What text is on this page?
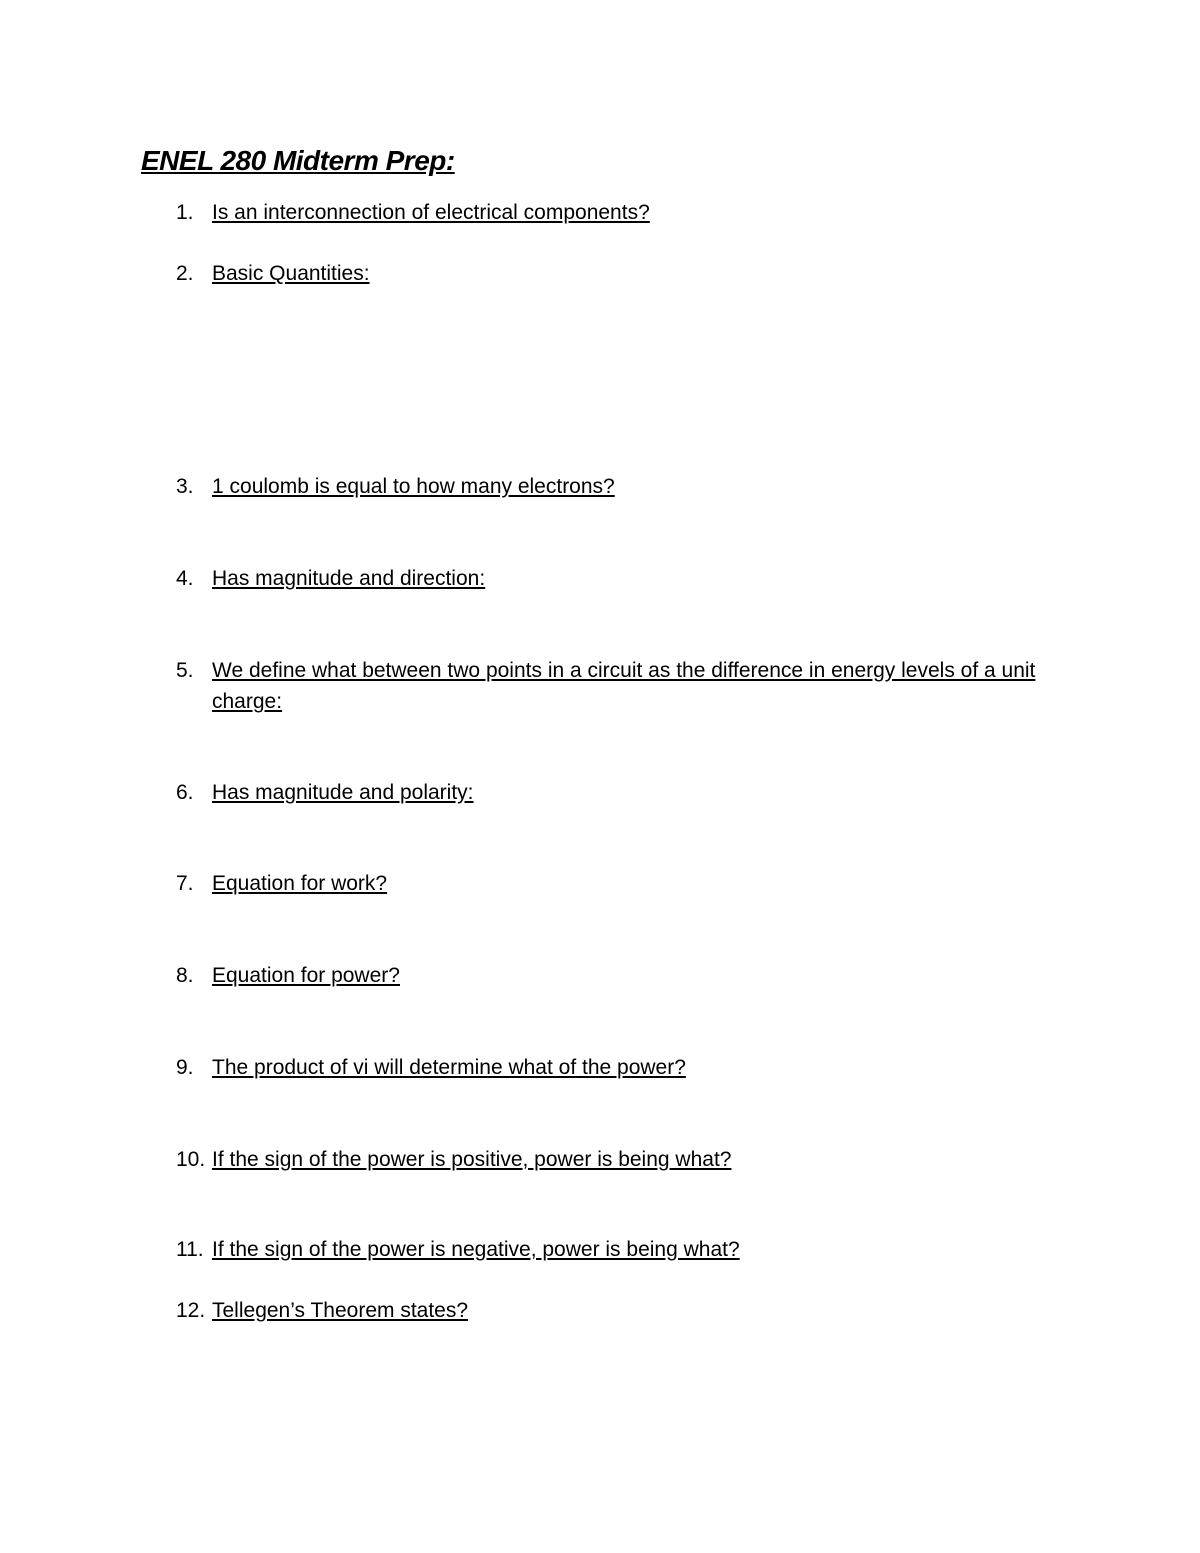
ENEL 280 Midterm Prep:
1. Is an interconnection of electrical components?
2. Basic Quantities:
3. 1 coulomb is equal to how many electrons?
4. Has magnitude and direction:
5. We define what between two points in a circuit as the difference in energy levels of a unit charge:
6. Has magnitude and polarity:
7. Equation for work?
8. Equation for power?
9. The product of vi will determine what of the power?
10. If the sign of the power is positive, power is being what?
11. If the sign of the power is negative, power is being what?
12. Tellegen’s Theorem states?
